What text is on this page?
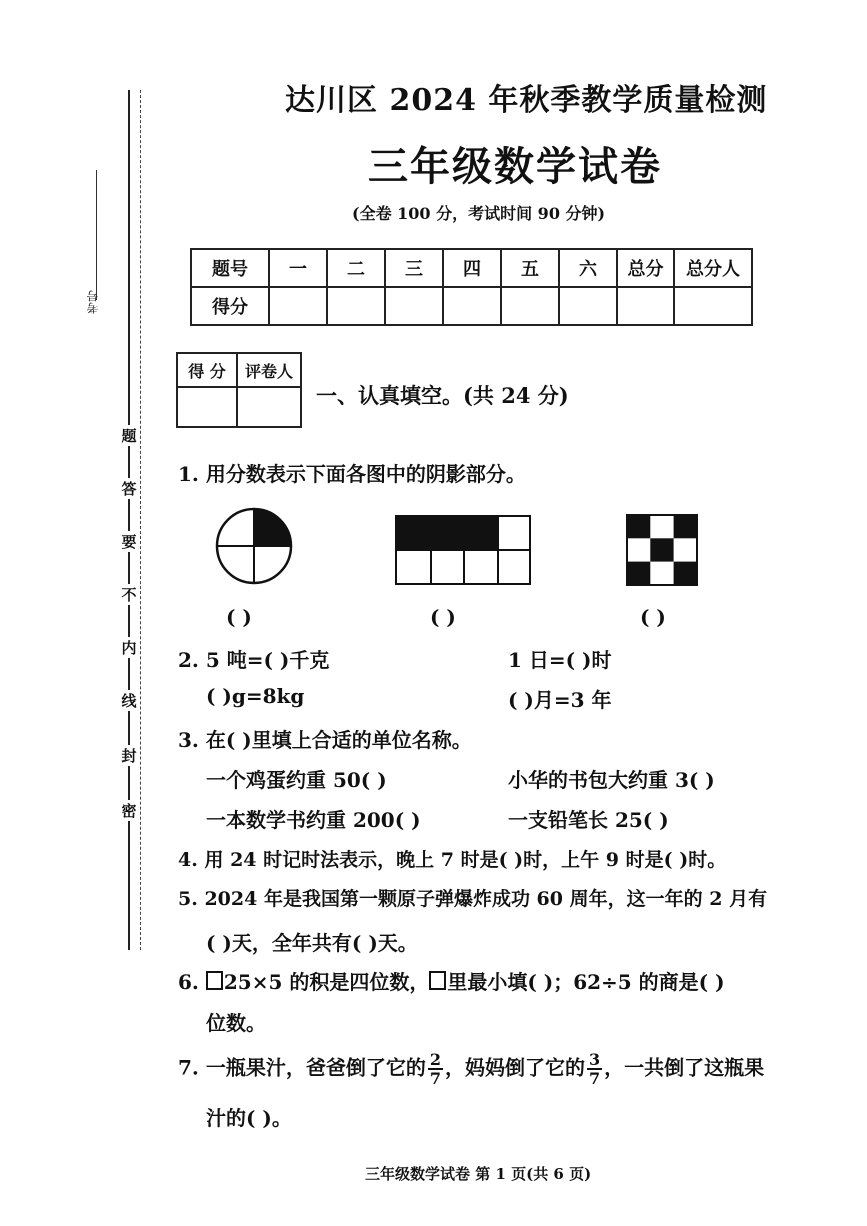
考号
题
答
要
不
内
线
封
密
达川区 2024 年秋季教学质量检测
三年级数学试卷
(全卷 100 分，考试时间 90 分钟)
题号	一	二	三	四	五	六	总分	总分人
得分								
得 分	评卷人

一、认真填空。(共 24 分)
1. 用分数表示下面各图中的阴影部分。
( )	( )	( )
2. 5 吨=( )千克	1 日=( )时
( )g=8kg	( )月=3 年
3. 在( )里填上合适的单位名称。
一个鸡蛋约重 50( )	小华的书包大约重 3( )
一本数学书约重 200( )	一支铅笔长 25( )
4. 用 24 时记时法表示，晚上 7 时是( )时，上午 9 时是( )时。
5. 2024 年是我国第一颗原子弹爆炸成功 60 周年，这一年的 2 月有
( )天，全年共有( )天。
6. 25×5 的积是四位数， 里最小填( )；62÷5 的商是( )
位数。
7. 一瓶果汁，爸爸倒了它的 $\frac{2}{7}$ ，妈妈倒了它的 $\frac{3}{7}$ ，一共倒了这瓶果
汁的( )。
三年级数学试卷 第 1 页(共 6 页)
